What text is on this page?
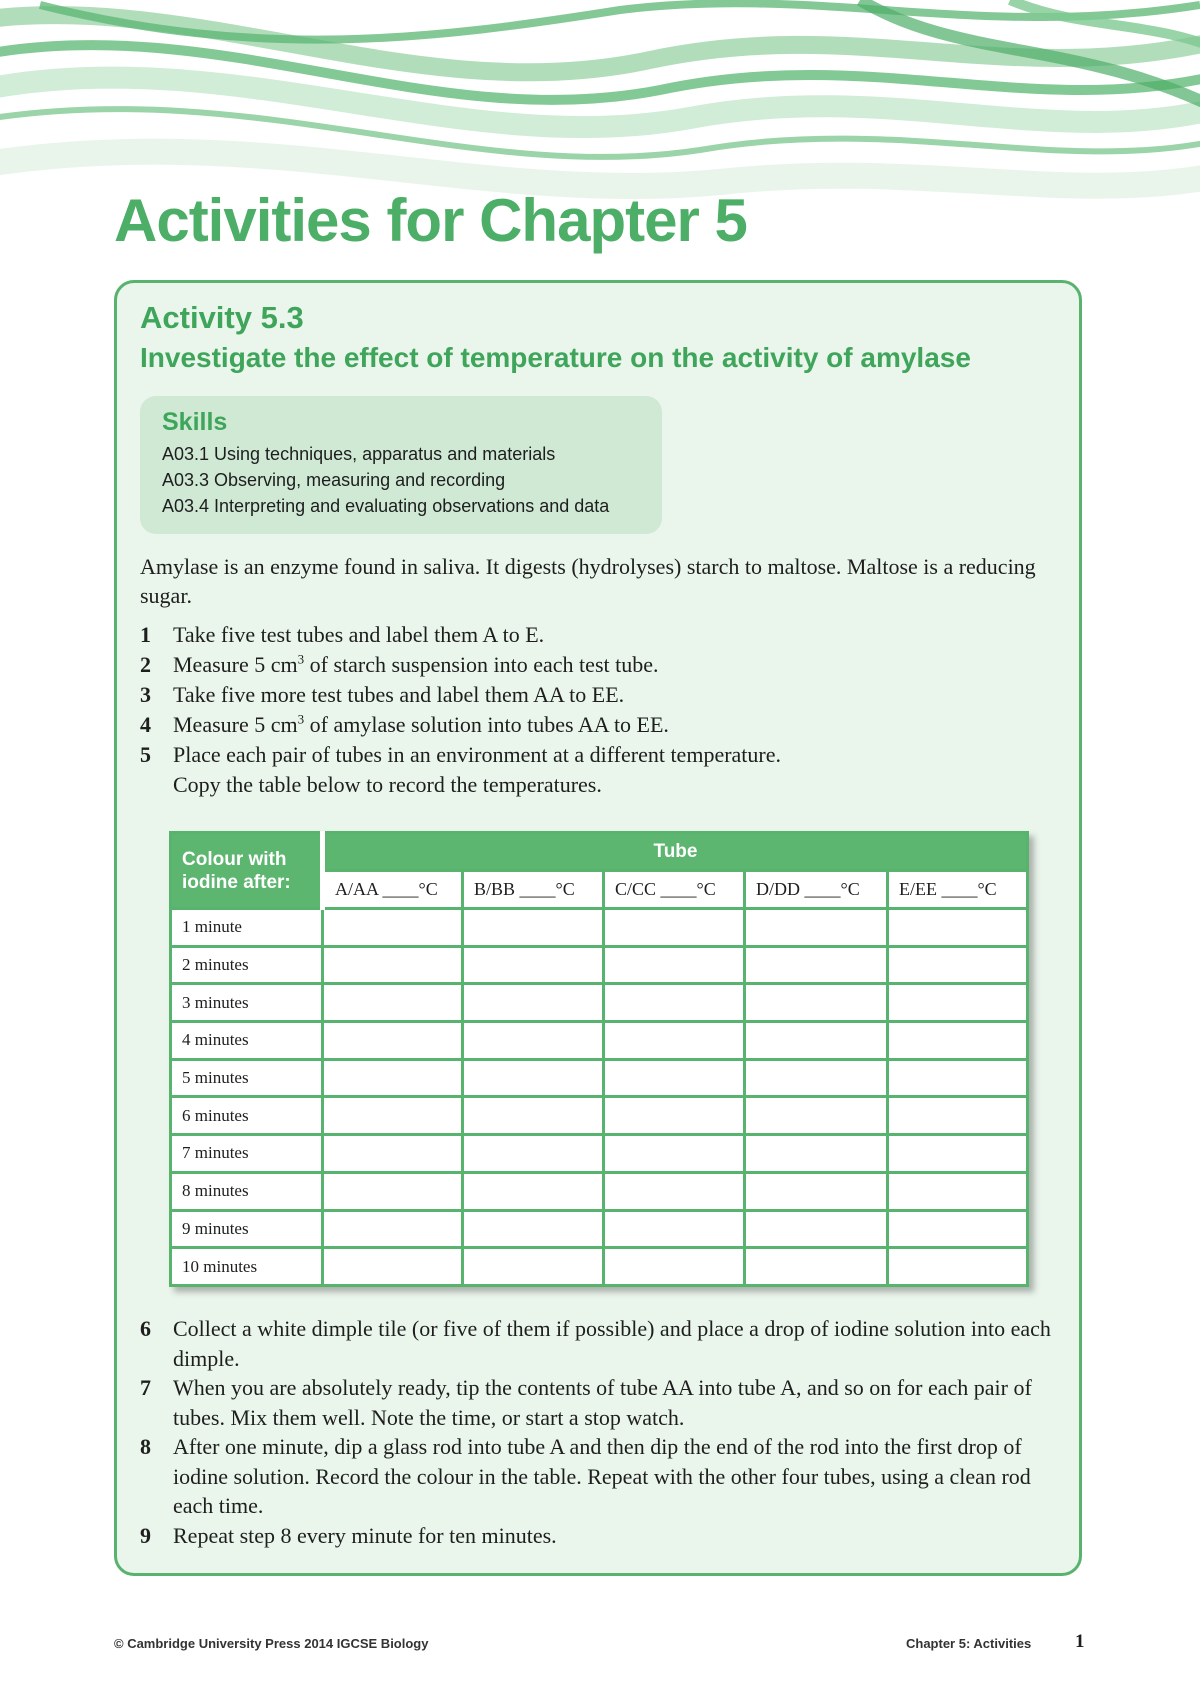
Activities for Chapter 5
Activity 5.3
Investigate the effect of temperature on the activity of amylase

Skills

A03.1 Using techniques, apparatus and materials
A03.3 Observing, measuring and recording
A03.4 Interpreting and evaluating observations and data

Amylase is an enzyme found in saliva. It digests (hydrolyses) starch to maltose. Maltose is a reducing sugar.

1	Take five test tubes and label them A to E.
2	Measure 5 $cm^3$ of starch suspension into each test tube.
3	Take five more test tubes and label them AA to EE.
4	Measure 5 $cm^3$ of amylase solution into tubes AA to EE.
5	Place each pair of tubes in an environment at a different temperature.
Copy the table below to record the temperatures.
Colour with iodine after:	Tube				
	A/AA ____°C	B/BB ____°C	C/CC ____°C	D/DD ____°C	E/EE ____°C
1 minute					
2 minutes					
3 minutes					
4 minutes					
5 minutes					
6 minutes					
7 minutes					
8 minutes					
9 minutes					
10 minutes					
6	Collect a white dimple tile (or five of them if possible) and place a drop of iodine solution into each dimple.
7	When you are absolutely ready, tip the contents of tube AA into tube A, and so on for each pair of tubes. Mix them well. Note the time, or start a stop watch.
8	After one minute, dip a glass rod into tube A and then dip the end of the rod into the first drop of iodine solution. Record the colour in the table. Repeat with the other four tubes, using a clean rod each time.
9	Repeat step 8 every minute for ten minutes.

© Cambridge University Press 2014 IGCSE Biology	Chapter 5: Activities 1
